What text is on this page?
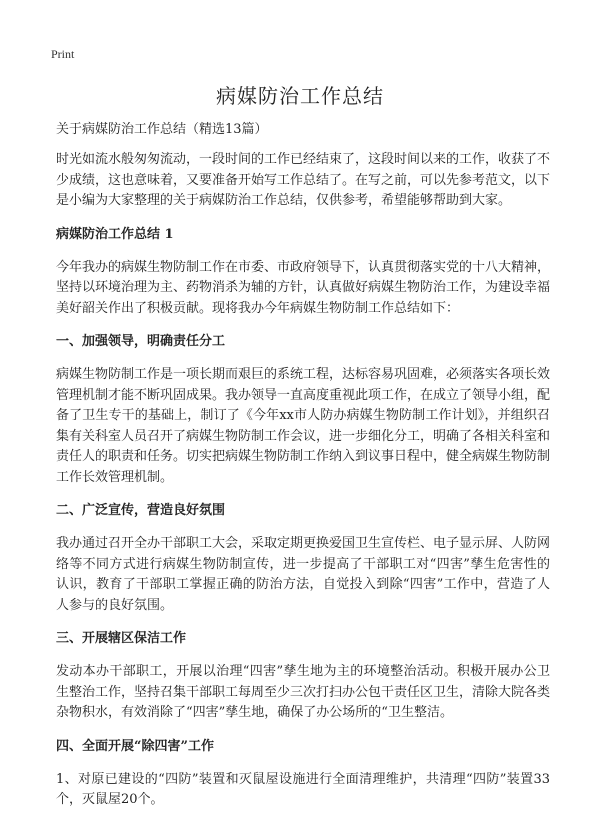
Print
病媒防治工作总结

关于病媒防治工作总结（精选13篇）

时光如流水般匆匆流动，一段时间的工作已经结束了，这段时间以来的工作，收获了不少成绩，这也意味着，又要准备开始写工作总结了。在写之前，可以先参考范文，以下是小编为大家整理的关于病媒防治工作总结，仅供参考，希望能够帮助到大家。

病媒防治工作总结 1

今年我办的病媒生物防制工作在市委、市政府领导下，认真贯彻落实党的十八大精神，坚持以环境治理为主、药物消杀为辅的方针，认真做好病媒生物防治工作，为建设幸福美好韶关作出了积极贡献。现将我办今年病媒生物防制工作总结如下：

一、加强领导，明确责任分工

病媒生物防制工作是一项长期而艰巨的系统工程，达标容易巩固难，必须落实各项长效管理机制才能不断巩固成果。我办领导一直高度重视此项工作，在成立了领导小组，配备了卫生专干的基础上，制订了《今年xx市人防办病媒生物防制工作计划》，并组织召集有关科室人员召开了病媒生物防制工作会议，进一步细化分工，明确了各相关科室和责任人的职责和任务。切实把病媒生物防制工作纳入到议事日程中，健全病媒生物防制工作长效管理机制。

二、广泛宣传，营造良好氛围

我办通过召开全办干部职工大会，采取定期更换爱国卫生宣传栏、电子显示屏、人防网络等不同方式进行病媒生物防制宣传，进一步提高了干部职工对“四害”孳生危害性的认识，教育了干部职工掌握正确的防治方法，自觉投入到除“四害”工作中，营造了人人参与的良好氛围。

三、开展辖区保洁工作

发动本办干部职工，开展以治理“四害”孳生地为主的环境整治活动。积极开展办公卫生整治工作，坚持召集干部职工每周至少三次打扫办公包干责任区卫生，清除大院各类杂物积水，有效消除了“四害”孳生地，确保了办公场所的“卫生整洁。

四、全面开展“除四害”工作

1、对原已建设的“四防”装置和灭鼠屋设施进行全面清理维护，共清理“四防”装置33个，灭鼠屋20个。
